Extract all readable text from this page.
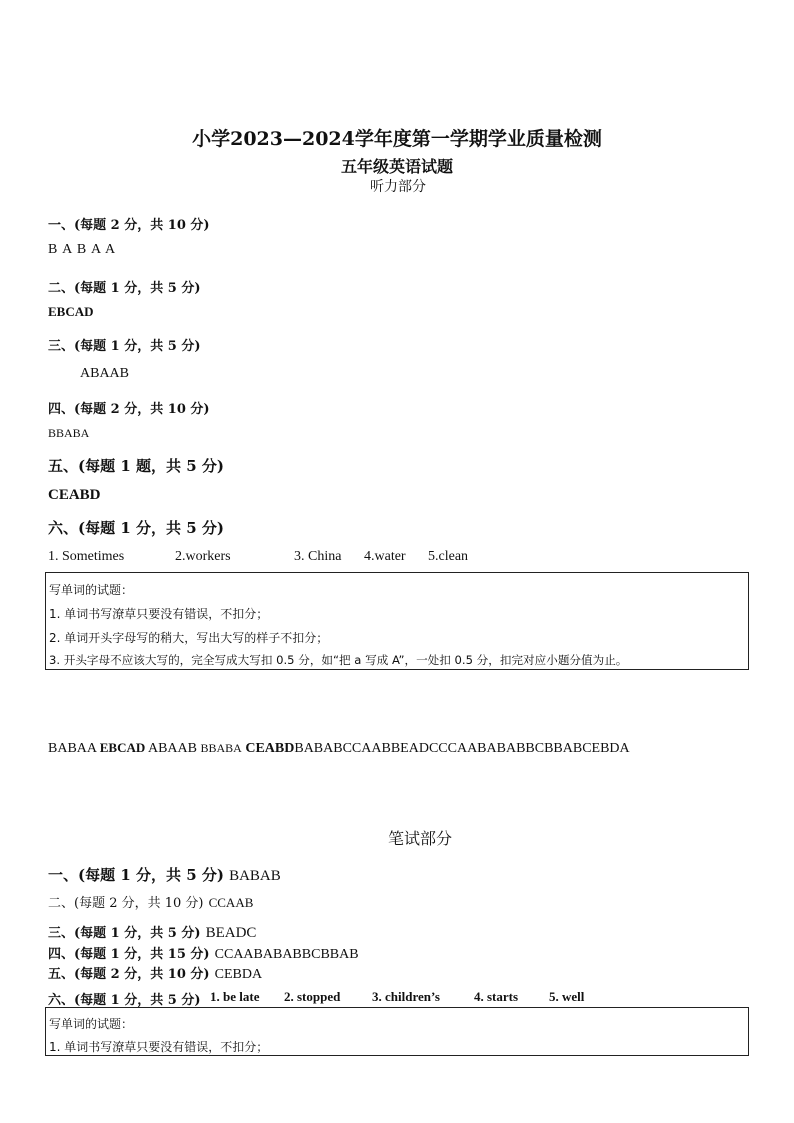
小学2023—2024学年度第一学期学业质量检测
五年级英语试题
听力部分
一、(每题 2 分，共 10 分)
B A B A A
二、(每题 1 分，共 5 分)
EBCAD
三、(每题 1 分，共 5 分)
ABAAB
四、(每题 2 分，共 10 分)
BBABA
五、(每题 1 题，共 5 分)
CEABD
六、(每题 1 分，共 5 分)
1. Sometimes	2.workers	3. China 4.water 5.clean
写单词的试题：
1. 单词书写潦草只要没有错误，不扣分；
2. 单词开头字母写的稍大，写出大写的样子不扣分；
3. 开头字母不应该大写的，完全写成大写扣 0.5 分，如“把 a 写成 A”，一处扣 0.5 分，扣完对应小题分值为止。
BABAA EBCAD ABAAB BBABA CEABDBABABCCAABBEADCCCAABABABBCBBABCEBDA
笔试部分
一、(每题 1 分，共 5 分) BABAB
二、(每题 2 分，共 10 分) CCAAB
三、(每题 1 分，共 5 分) BEADC
四、(每题 1 分，共 15 分) CCAABABABBCBBAB
五、(每题 2 分，共 10 分) CEBDA
六、(每题 1 分，共 5 分) 1. be late 2. stopped 3. children’s	4. starts 5. well
写单词的试题：
1. 单词书写潦草只要没有错误，不扣分；
